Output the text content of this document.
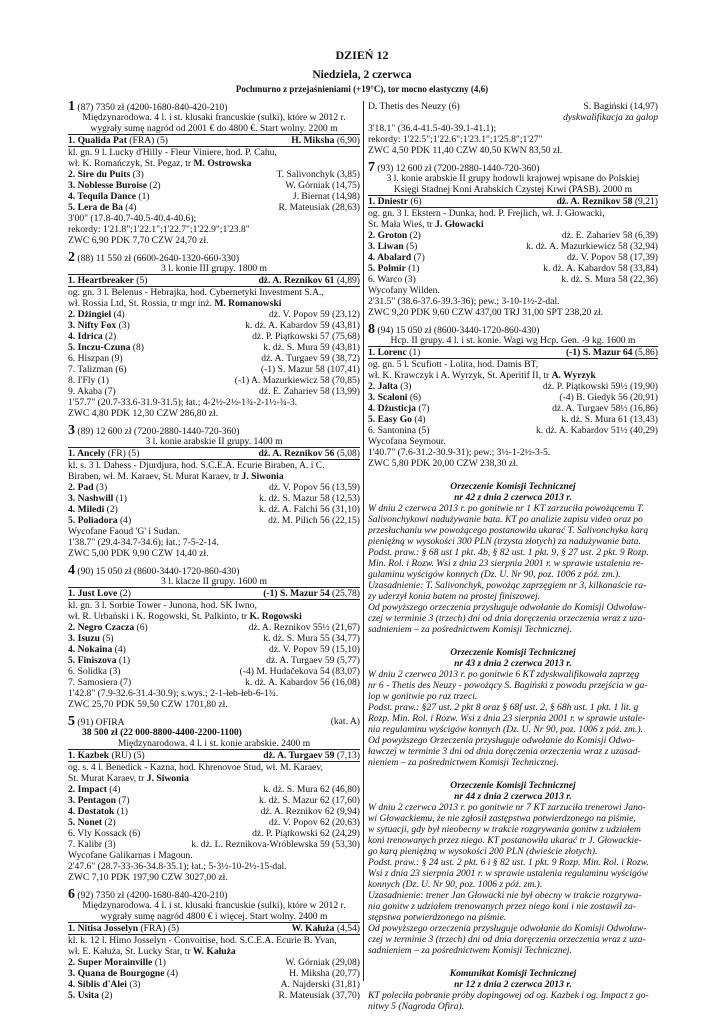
DZIEŃ 12
Niedziela, 2 czerwca
Pochmurno z przejaśnieniami (+19°C), tor mocno elastyczny (4,6)
1 (87) 7350 zł (4200-1680-840-420-210)
Międzynarodowa. 4 l. i st. klusaki francuskie (sulki), które w 2012 r.
wygrały sumę nagród od 2001 € do 4800 €. Start wolny. 2200 m
1. Qualida Pat (FRA) (5)	H. Miksha (6,90)
kl. gn. 9 l. Lucky d'Hilly - Fleur Viniere, hod. P. Cahu,
wł. K. Romańczyk, St. Pegaz, tr M. Ostrowska
2. Sire du Puits (3)	T. Salivonchyk (3,85)
3. Noblesse Buroise (2)	W. Górniak (14,75)
4. Tequila Dance (1)	J. Biernat (14,98)
5. Lera de Ba (4)	R. Mateusiak (28,63)
3'00" (17.8-40.7-40.5-40.4-40.6);
rekordy: 1'21.8";1'22.1";1'22.7";1'22.9";1'23.8"
ZWC 6,90 PDK 7,70 CZW 24,70 zł.
2 (88) 11 550 zł (6600-2640-1320-660-330)
3 l. konie III grupy. 1800 m
1. Heartbreaker (5)	dż. A. Reznikov 61 (4,89)
og. gn. 3 l. Belenus - Hebrajka, hod. Cybernetyki Investment S.A.,
wł. Rossia Ltd, St. Rossia, tr mgr inż. M. Romanowski
2. Dżingiel (4)	dż. V. Popov 59 (23,12)
3. Nifty Fox (3)	k. dż. A. Kabardov 59 (43,81)
4. Idrica (2)	dż. P. Piątkowski 57 (75,68)
5. Inczu-Czuna (8)	k. dż. S. Mura 59 (43,81)
6. Hiszpan (9)	dż. A. Turgaev 59 (38,72)
7. Talizman (6)	(-1) S. Mazur 58 (107,41)
8. I'Fly (1)	(-1) A. Mazurkiewicz 58 (70,85)
9. Akaba (7)	dż. E. Zahariev 58 (13,99)
1'57.7" (20.7-33.6-31.9-31.5); łat.; 4-2½-2½-1¾-2-1½-¾-3.
ZWC 4,80 PDK 12,30 CZW 286,80 zł.
3 (89) 12 600 zł (7200-2880-1440-720-360)
3 l. konie arabskie II grupy. 1400 m
1. Ancely (FR) (5)	dż. A. Reznikov 56 (5,08)
kl. s. 3 l. Dahess - Djurdjura, hod. S.C.E.A. Ecurie Biraben, A. i C.
Biraben, wł. M. Karaev, St. Murat Karaev, tr J. Siwonia
2. Pad (3)	dż. V. Popov 56 (13,59)
3. Nashwill (1)	k. dż. S. Mazur 58 (12,53)
4. Miledi (2)	k. dż. A. Falchi 56 (31,10)
5. Poliadora (4)	dż. M. Pilich 56 (22,15)
Wycofane Faoud 'G' i Sudan.
1'38.7" (29.4-34.7-34.6); łat.; 7-5-2-14.
ZWC 5,00 PDK 9,90 CZW 14,40 zł.
4 (90) 15 050 zł (8600-3440-1720-860-430)
3 l. klacze II grupy. 1600 m
1. Just Love (2)	(-1) S. Mazur 54 (25,78)
kl. gn. 3 l. Sorbie Tower - Junona, hod. SK Iwno,
wł. R. Urbański i K. Rogowski, St. Palkinto, tr K. Rogowski
2. Negro Czacza (6)	dż. A. Reznikov 55½ (21,67)
3. Isuzu (5)	k. dż. S. Mura 55 (34,77)
4. Nokaina (4)	dż. V. Popov 59 (15,10)
5. Finiszova (1)	dż. A. Turgaev 59 (5,77)
6. Solidka (3)	(-4) M. Hudačekova 54 (83,07)
7. Samosiera (7)	k. dż. A. Kabardov 56 (16,08)
1'42.8" (7.9-32.6-31.4-30.9); s.wys.; 2-1-łeb-łeb-6-1¾.
ZWC 25,70 PDK 59,50 CZW 1701,80 zł.
5 (91) OFIRA	(kat. A)
38 500 zł (22 000-8800-4400-2200-1100)
Międzynarodowa. 4 l. i st. konie arabskie. 2400 m
1. Kazbek (RU) (5)	dż. A. Turgaev 59 (7,13)
og. s. 4 l. Benedick - Kazna, hod. Khrenovoe Stud, wł. M. Karaev,
St. Murat Karaev, tr J. Siwonia
2. Impact (4)	k. dż. S. Mura 62 (46,80)
3. Pentagon (7)	k. dż. S. Mazur 62 (17,60)
4. Dostatok (1)	dż. A. Reznikov 62 (9,94)
5. Nonet (2)	dż. V. Popov 62 (20,63)
6. Vly Kossack (6)	dż. P. Piątkowski 62 (24,29)
7. Kalibr (3)	k. dż. L. Reznikova-Wróblewska 59 (53,30)
Wycofane Galikarnas i Magoun.
2'47.6" (28.7-33-36-34.8-35.1); łat.; 5-3½-10-2½-15-dal.
ZWC 7,10 PDK 197,90 CZW 3027,00 zł.
6 (92) 7350 zł (4200-1680-840-420-210)
Międzynarodowa. 4 l. i st. klusaki francuskie (sulki), które w 2012 r.
wygrały sumę nagród 4800 € i więcej. Start wolny. 2400 m
1. Nitisa Josselyn (FRA) (5)	W. Kałuża (4,54)
kl. k. 12 l. Himo Josselyn - Convoitise, hod. S.C.E.A. Ecurie B. Yvan,
wł. E. Kałuża, St. Lucky Star, tr W. Kałuża
2. Super Morainville (1)	W. Górniak (29,08)
3. Quana de Bourgogne (4)	H. Miksha (20,77)
4. Siblis d'Alei (3)	A. Najderski (31,81)
5. Usita (2)	R. Mateusiak (37,70)
D. Thetis des Neuzy (6)	S. Bagiński (14,97)
dyskwalifikacja za galop
3'18.1" (36.4-41.5-40-39.1-41.1);
rekordy: 1'22.5";1'22.6";1'23.1";1'25.8";1'27"
ZWC 4,50 PDK 11,40 CZW 40,50 KWN 83,50 zł.
7 (93) 12 600 zł (7200-2880-1440-720-360)
3 l. konie arabskie II grupy hodowli krajowej wpisane do Polskiej
Księgi Stadnej Koni Arabskich Czystej Krwi (PASB). 2000 m
1. Dniestr (6)	dż. A. Reznikov 58 (9,21)
og. gn. 3 l. Ekstern - Dunka, hod. P. Frejlich, wł. J. Głowacki,
St. Mała Wieś, tr J. Głowacki
2. Groton (2)	dż. E. Zahariev 58 (6,39)
3. Liwan (5)	k. dż. A. Mazurkiewicz 58 (32,94)
4. Abalard (7)	dż. V. Popov 58 (17,39)
5. Polmir (1)	k. dż. A. Kabardov 58 (33,84)
6. Warco (3)	k. dż. S. Mura 58 (22,36)
Wycofany Wilden.
2'31.5" (38.6-37.6-39.3-36); pew.; 3-10-1½-2-dal.
ZWC 9,20 PDK 9,60 CZW 437,00 TRJ 31,00 SPT 238,20 zł.
8 (94) 15 050 zł (8600-3440-1720-860-430)
Hcp. II grupy. 4 l. i st. konie. Wagi wg Hcp. Gen. -9 kg. 1600 m
1. Lorenc (1)	(-1) S. Mazur 64 (5,86)
og. gn. 5 l. Scufiott - Lolita, hod. Damis BT,
wł. K. Krawczyk i A. Wyrzyk, St. Aperitif II, tr A. Wyrzyk
2. Jalta (3)	dż. P. Piątkowski 59½ (19,90)
3. Scaloni (6)	(-4) B. Giedyk 56 (20,91)
4. Dżusticja (7)	dż. A. Turgaev 58½ (16,86)
5. Easy Go (4)	k. dż. S. Mura 61 (13,43)
6. Santonina (5)	k. dż. A. Kabardov 51½ (40,29)
Wycofana Seymour.
1'40.7" (7.6-31.2-30.9-31); pew.; 3½-1-2½-3-5.
ZWC 5,80 PDK 20,00 CZW 238,30 zł.
Orzeczenie Komisji Technicznej
nr 42 z dnia 2 czerwca 2013 r.
W dniu 2 czerwca 2013 r. po gonitwie nr 1 KT zarzuciła powożącemu T.
Salivonchykowi nadużywanie bata. KT po analizie zapisu video oraz po
przesłuchaniu ww powożącego postanowiła ukarać T. Salivonchyka karą
pieniężną w wysokości 300 PLN (trzysta złotych) za nadużywanie bata.
Podst. praw.: § 68 ust 1 pkt. 4b, § 82 ust. 1 pkt. 9, § 27 ust. 2 pkt. 9 Rozp.
Min. Rol. i Rozw. Wsi z dnia 23 sierpnia 2001 r. w sprawie ustalenia re-
gulaminu wyścigów konnych (Dz. U. Nr 90, poz. 1006 z póź. zm.).
Uzasadnienie: T. Salivonchyk, powożąc zaprzęgiem nr 3, kilkanaście ra-
zy uderzył konia batem na prostej finiszowej.
Od powyższego orzeczenia przysługuje odwołanie do Komisji Odwoław-
czej w terminie 3 (trzech) dni od dnia doręczenia orzeczenia wraz z uza-
sadnieniem – za pośrednictwem Komisji Technicznej.
Orzeczenie Komisji Technicznej
nr 43 z dnia 2 czerwca 2013 r.
W dniu 2 czerwca 2013 r. po gonitwie 6 KT zdyskwalifikowała zaprzęg
nr 6 - Thetis des Neuzy - powożący S. Bagiński z powodu przejścia w ga-
lop w gonitwie po raz trzeci.
Podst. praw.: §27 ust. 2 pkt 8 oraz § 68f ust. 2, § 68h ust. 1 pkt. 1 lit. g
Rozp. Min. Rol. i Rozw. Wsi z dnia 23 sierpnia 2001 r. w sprawie ustale-
nia regulaminu wyścigów konnych (Dz. U. Nr 90, poz. 1006 z póź. zm.).
Od powyższego Orzeczenia przysługuje odwołanie do Komisji Odwo-
ławczej w terminie 3 dni od dnia doręczenia orzeczenia wraz z uzasad-
nieniem – za pośrednictwem Komisji Technicznej.
Orzeczenie Komisji Technicznej
nr 44 z dnia 2 czerwca 2013 r.
W dniu 2 czerwca 2013 r. po gonitwie nr 7 KT zarzuciła trenerowi Jano-
wi Głowackiemu, że nie zgłosił zastępstwa potwierdzonego na piśmie,
w sytuacji, gdy był nieobecny w trakcie rozgrywania gonitw z udziałem
koni trenowanych przez niego. KT postanowiła ukarać tr J. Głowackie-
go karą pieniężną w wysokości 200 PLN (dwieście złotych).
Podst. praw.: § 24 ust. 2 pkt. 6 i § 82 ust. 1 pkt. 9 Rozp. Min. Rol. i Rozw.
Wsi z dnia 23 sierpnia 2001 r. w sprawie ustalenia regulaminu wyścigów
konnych (Dz. U. Nr 90, poz. 1006 z póź. zm.).
Uzasadnienie: trener Jan Głowacki nie był obecny w trakcie rozgrywa-
nia gonitw z udziałem trenowanych przez niego koni i nie zostawił za-
stępstwa potwierdzonego na piśmie.
Od powyższego orzeczenia przysługuje odwołanie do Komisji Odwoław-
czej w terminie 3 (trzech) dni od dnia doręczenia orzeczenia wraz z uza-
sadnieniem – za pośrednictwem Komisji Technicznej.
Komunikat Komisji Technicznej
nr 12 z dnia 2 czerwca 2013 r.
KT poleciła pobranie próby dopingowej od og. Kazbek i og. Impact z go-
nitwy 5 (Nagroda Ofira).
